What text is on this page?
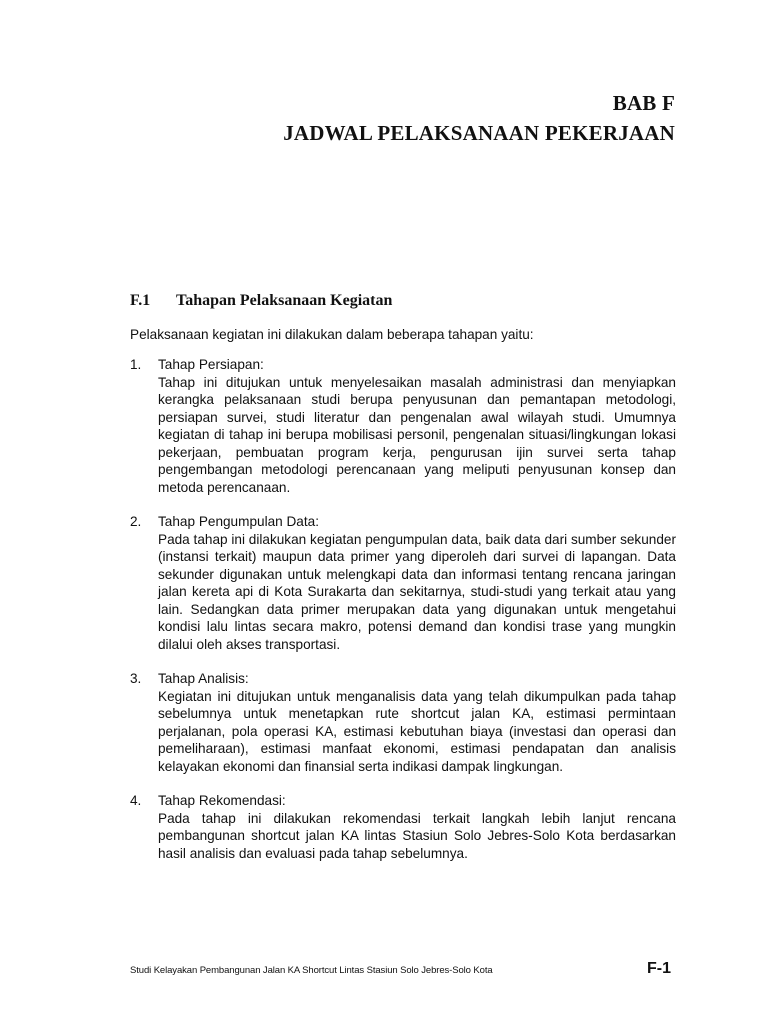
BAB F
JADWAL PELAKSANAAN PEKERJAAN
F.1 Tahapan Pelaksanaan Kegiatan
Pelaksanaan kegiatan ini dilakukan dalam beberapa tahapan yaitu:
1.	Tahap Persiapan:
Tahap ini ditujukan untuk menyelesaikan masalah administrasi dan menyiapkan kerangka pelaksanaan studi berupa penyusunan dan pemantapan metodologi, persiapan survei, studi literatur dan pengenalan awal wilayah studi. Umumnya kegiatan di tahap ini berupa mobilisasi personil, pengenalan situasi/lingkungan lokasi pekerjaan, pembuatan program kerja, pengurusan ijin survei serta tahap pengembangan metodologi perencanaan yang meliputi penyusunan konsep dan metoda perencanaan.
2.	Tahap Pengumpulan Data:
Pada tahap ini dilakukan kegiatan pengumpulan data, baik data dari sumber sekunder (instansi terkait) maupun data primer yang diperoleh dari survei di lapangan. Data sekunder digunakan untuk melengkapi data dan informasi tentang rencana jaringan jalan kereta api di Kota Surakarta dan sekitarnya, studi-studi yang terkait atau yang lain. Sedangkan data primer merupakan data yang digunakan untuk mengetahui kondisi lalu lintas secara makro, potensi demand dan kondisi trase yang mungkin dilalui oleh akses transportasi.
3.	Tahap Analisis:
Kegiatan ini ditujukan untuk menganalisis data yang telah dikumpulkan pada tahap sebelumnya untuk menetapkan rute shortcut jalan KA, estimasi permintaan perjalanan, pola operasi KA, estimasi kebutuhan biaya (investasi dan operasi dan pemeliharaan), estimasi manfaat ekonomi, estimasi pendapatan dan analisis kelayakan ekonomi dan finansial serta indikasi dampak lingkungan.
4.	Tahap Rekomendasi:
Pada tahap ini dilakukan rekomendasi terkait langkah lebih lanjut rencana pembangunan shortcut jalan KA lintas Stasiun Solo Jebres-Solo Kota berdasarkan hasil analisis dan evaluasi pada tahap sebelumnya.
Studi Kelayakan Pembangunan Jalan KA Shortcut Lintas Stasiun Solo Jebres-Solo Kota	F-1
